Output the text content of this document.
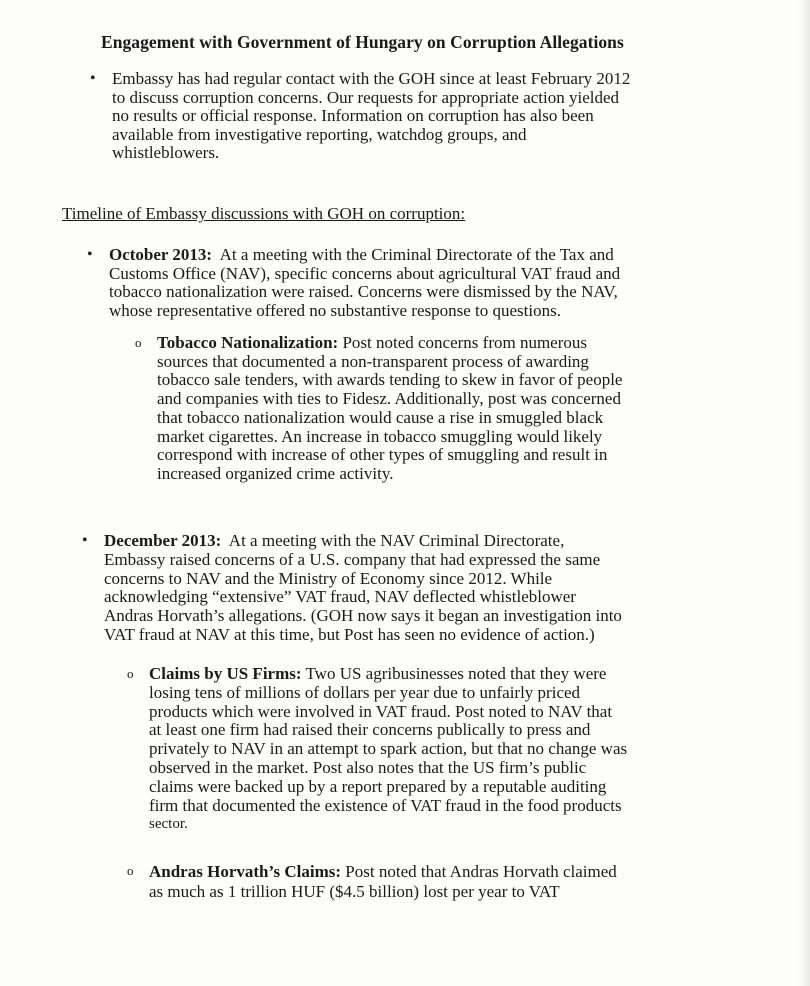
Engagement with Government of Hungary on Corruption Allegations
• Embassy has had regular contact with the GOH since at least February 2012
to discuss corruption concerns. Our requests for appropriate action yielded
no results or official response. Information on corruption has also been
available from investigative reporting, watchdog groups, and
whistleblowers.
Timeline of Embassy discussions with GOH on corruption:
• October 2013:  At a meeting with the Criminal Directorate of the Tax and
Customs Office (NAV), specific concerns about agricultural VAT fraud and
tobacco nationalization were raised. Concerns were dismissed by the NAV,
whose representative offered no substantive response to questions.
o Tobacco Nationalization: Post noted concerns from numerous
sources that documented a non-transparent process of awarding
tobacco sale tenders, with awards tending to skew in favor of people
and companies with ties to Fidesz. Additionally, post was concerned
that tobacco nationalization would cause a rise in smuggled black
market cigarettes. An increase in tobacco smuggling would likely
correspond with increase of other types of smuggling and result in
increased organized crime activity.
• December 2013:  At a meeting with the NAV Criminal Directorate,
Embassy raised concerns of a U.S. company that had expressed the same
concerns to NAV and the Ministry of Economy since 2012. While
acknowledging “extensive” VAT fraud, NAV deflected whistleblower
Andras Horvath’s allegations. (GOH now says it began an investigation into
VAT fraud at NAV at this time, but Post has seen no evidence of action.)
o Claims by US Firms: Two US agribusinesses noted that they were
losing tens of millions of dollars per year due to unfairly priced
products which were involved in VAT fraud. Post noted to NAV that
at least one firm had raised their concerns publically to press and
privately to NAV in an attempt to spark action, but that no change was
observed in the market. Post also notes that the US firm’s public
claims were backed up by a report prepared by a reputable auditing
firm that documented the existence of VAT fraud in the food products
sector.
o Andras Horvath’s Claims: Post noted that Andras Horvath claimed
as much as 1 trillion HUF ($4.5 billion) lost per year to VAT
